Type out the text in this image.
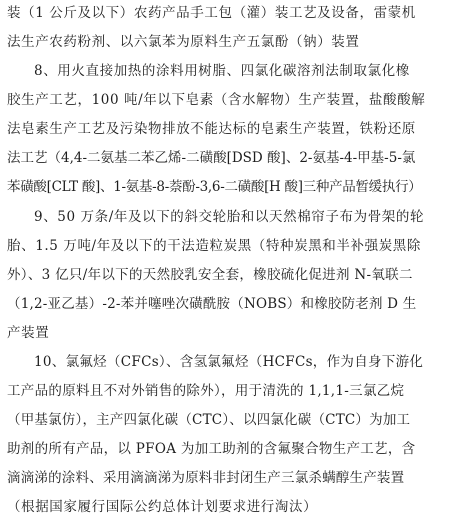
装（1 公斤及以下）农药产品手工包（灌）装工艺及设备，雷蒙机
法生产农药粉剂、以六氯苯为原料生产五氯酚（钠）装置
8、用火直接加热的涂料用树脂、四氯化碳溶剂法制取氯化橡
胶生产工艺，100 吨/年以下皂素（含水解物）生产装置，盐酸酸解
法皂素生产工艺及污染物排放不能达标的皂素生产装置，铁粉还原
法工艺（4,4-二氨基二苯乙烯-二磺酸[DSD 酸]、2-氨基-4-甲基-5-氯
苯磺酸[CLT 酸]、1-氨基-8-萘酚-3,6-二磺酸[H 酸]三种产品暂缓执行）
9、50 万条/年及以下的斜交轮胎和以天然棉帘子布为骨架的轮
胎、1.5 万吨/年及以下的干法造粒炭黑（特种炭黑和半补强炭黑除
外）、3 亿只/年以下的天然胶乳安全套，橡胶硫化促进剂 N-氧联二
（1,2-亚乙基）-2-苯并噻唑次磺酰胺（NOBS）和橡胶防老剂 D 生
产装置
10、氯氟烃（CFCs）、含氢氯氟烃（HCFCs，作为自身下游化
工产品的原料且不对外销售的除外），用于清洗的 1,1,1-三氯乙烷
（甲基氯仿），主产四氯化碳（CTC）、以四氯化碳（CTC）为加工
助剂的所有产品，以 PFOA 为加工助剂的含氟聚合物生产工艺，含
滴滴涕的涂料、采用滴滴涕为原料非封闭生产三氯杀螨醇生产装置
（根据国家履行国际公约总体计划要求进行淘汰）
